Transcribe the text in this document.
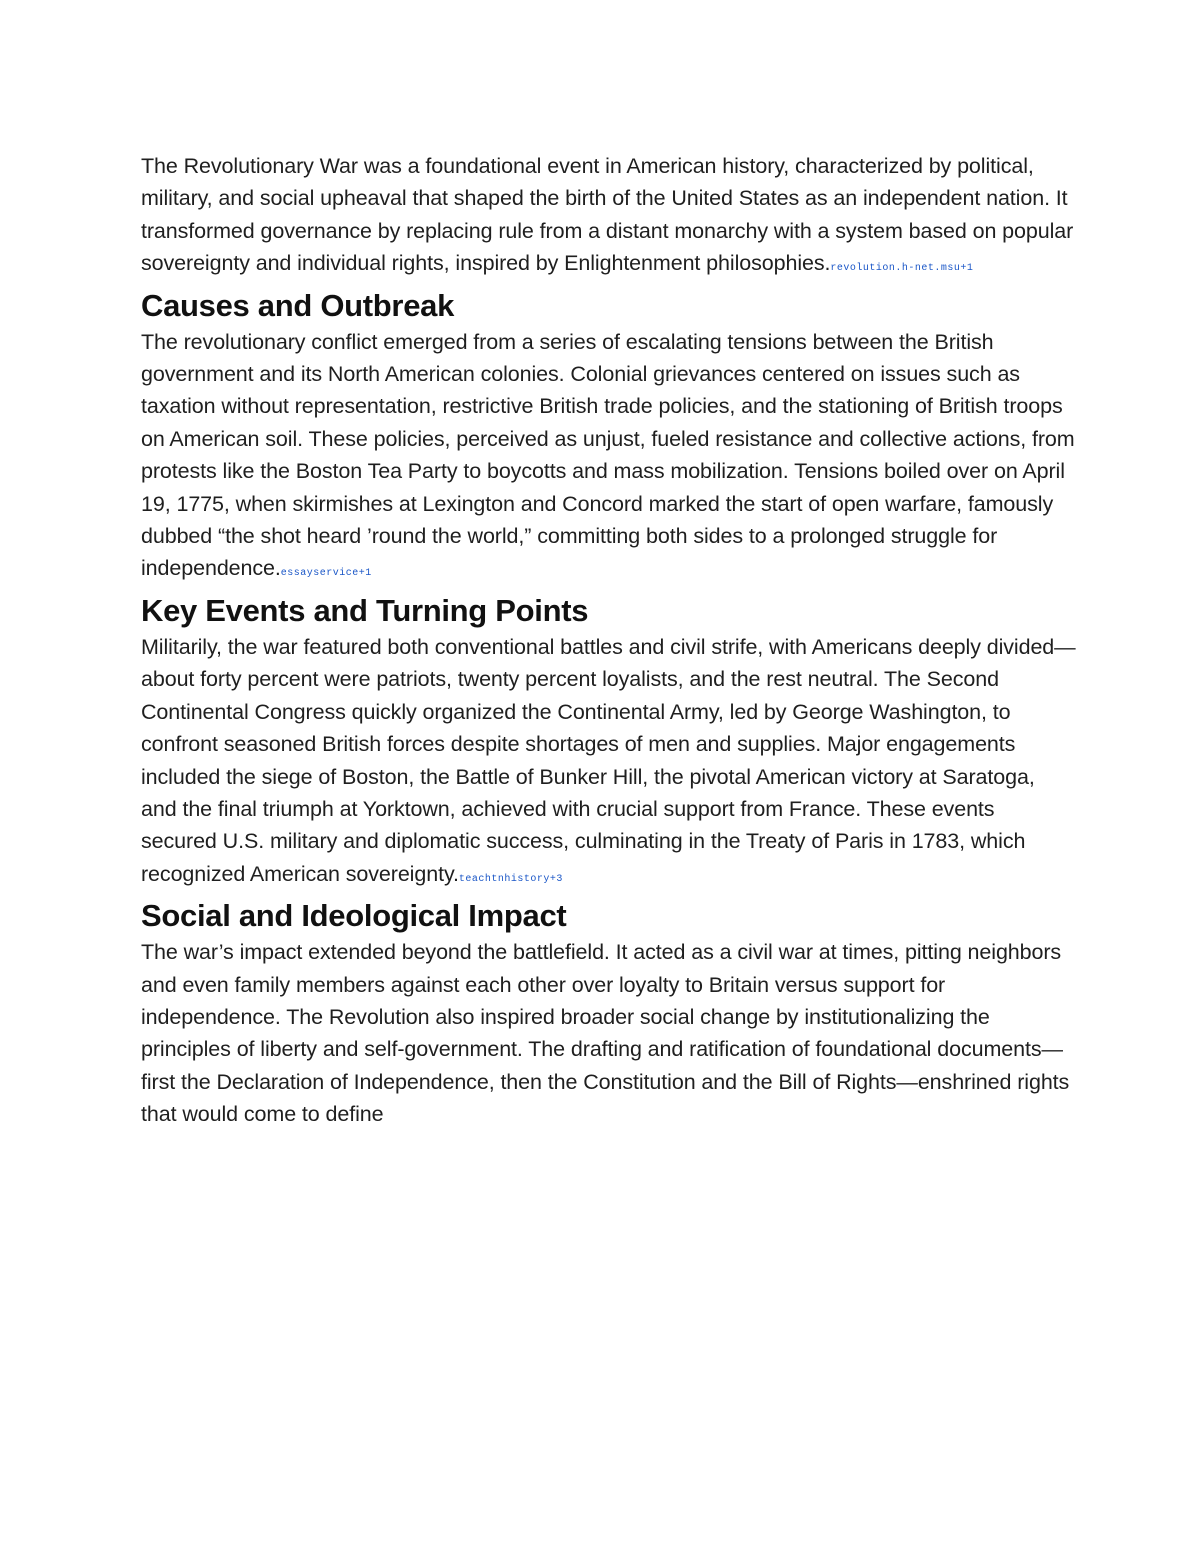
The Revolutionary War was a foundational event in American history, characterized by political, military, and social upheaval that shaped the birth of the United States as an independent nation. It transformed governance by replacing rule from a distant monarchy with a system based on popular sovereignty and individual rights, inspired by Enlightenment philosophies.revolution.h-net.msu+1

Causes and Outbreak

The revolutionary conflict emerged from a series of escalating tensions between the British government and its North American colonies. Colonial grievances centered on issues such as taxation without representation, restrictive British trade policies, and the stationing of British troops on American soil. These policies, perceived as unjust, fueled resistance and collective actions, from protests like the Boston Tea Party to boycotts and mass mobilization. Tensions boiled over on April 19, 1775, when skirmishes at Lexington and Concord marked the start of open warfare, famously dubbed “the shot heard ’round the world,” committing both sides to a prolonged struggle for independence.essayservice+1

Key Events and Turning Points

Militarily, the war featured both conventional battles and civil strife, with Americans deeply divided—about forty percent were patriots, twenty percent loyalists, and the rest neutral. The Second Continental Congress quickly organized the Continental Army, led by George Washington, to confront seasoned British forces despite shortages of men and supplies. Major engagements included the siege of Boston, the Battle of Bunker Hill, the pivotal American victory at Saratoga, and the final triumph at Yorktown, achieved with crucial support from France. These events secured U.S. military and diplomatic success, culminating in the Treaty of Paris in 1783, which recognized American sovereignty.teachtnhistory+3

Social and Ideological Impact

The war’s impact extended beyond the battlefield. It acted as a civil war at times, pitting neighbors and even family members against each other over loyalty to Britain versus support for independence. The Revolution also inspired broader social change by institutionalizing the principles of liberty and self-government. The drafting and ratification of foundational documents—first the Declaration of Independence, then the Constitution and the Bill of Rights—enshrined rights that would come to define
